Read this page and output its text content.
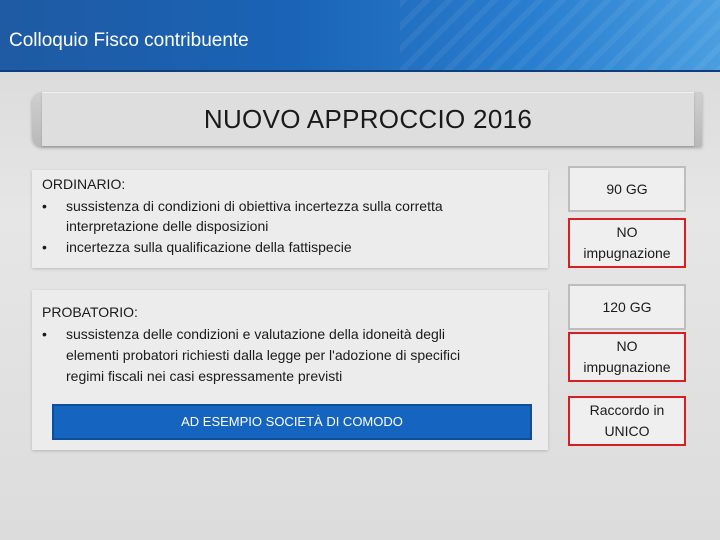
Colloquio Fisco contribuente
NUOVO APPROCCIO 2016
ORDINARIO:
• sussistenza di condizioni di obiettiva incertezza sulla corretta
interpretazione delle disposizioni
• incertezza sulla qualificazione della fattispecie
PROBATORIO:
• sussistenza delle condizioni e valutazione della idoneità degli
elementi probatori richiesti dalla legge per l'adozione di specifici
regimi fiscali nei casi espressamente previsti
AD ESEMPIO SOCIETÀ DI COMODO
90 GG
NO
impugnazione
120 GG
NO
impugnazione
Raccordo in
UNICO
